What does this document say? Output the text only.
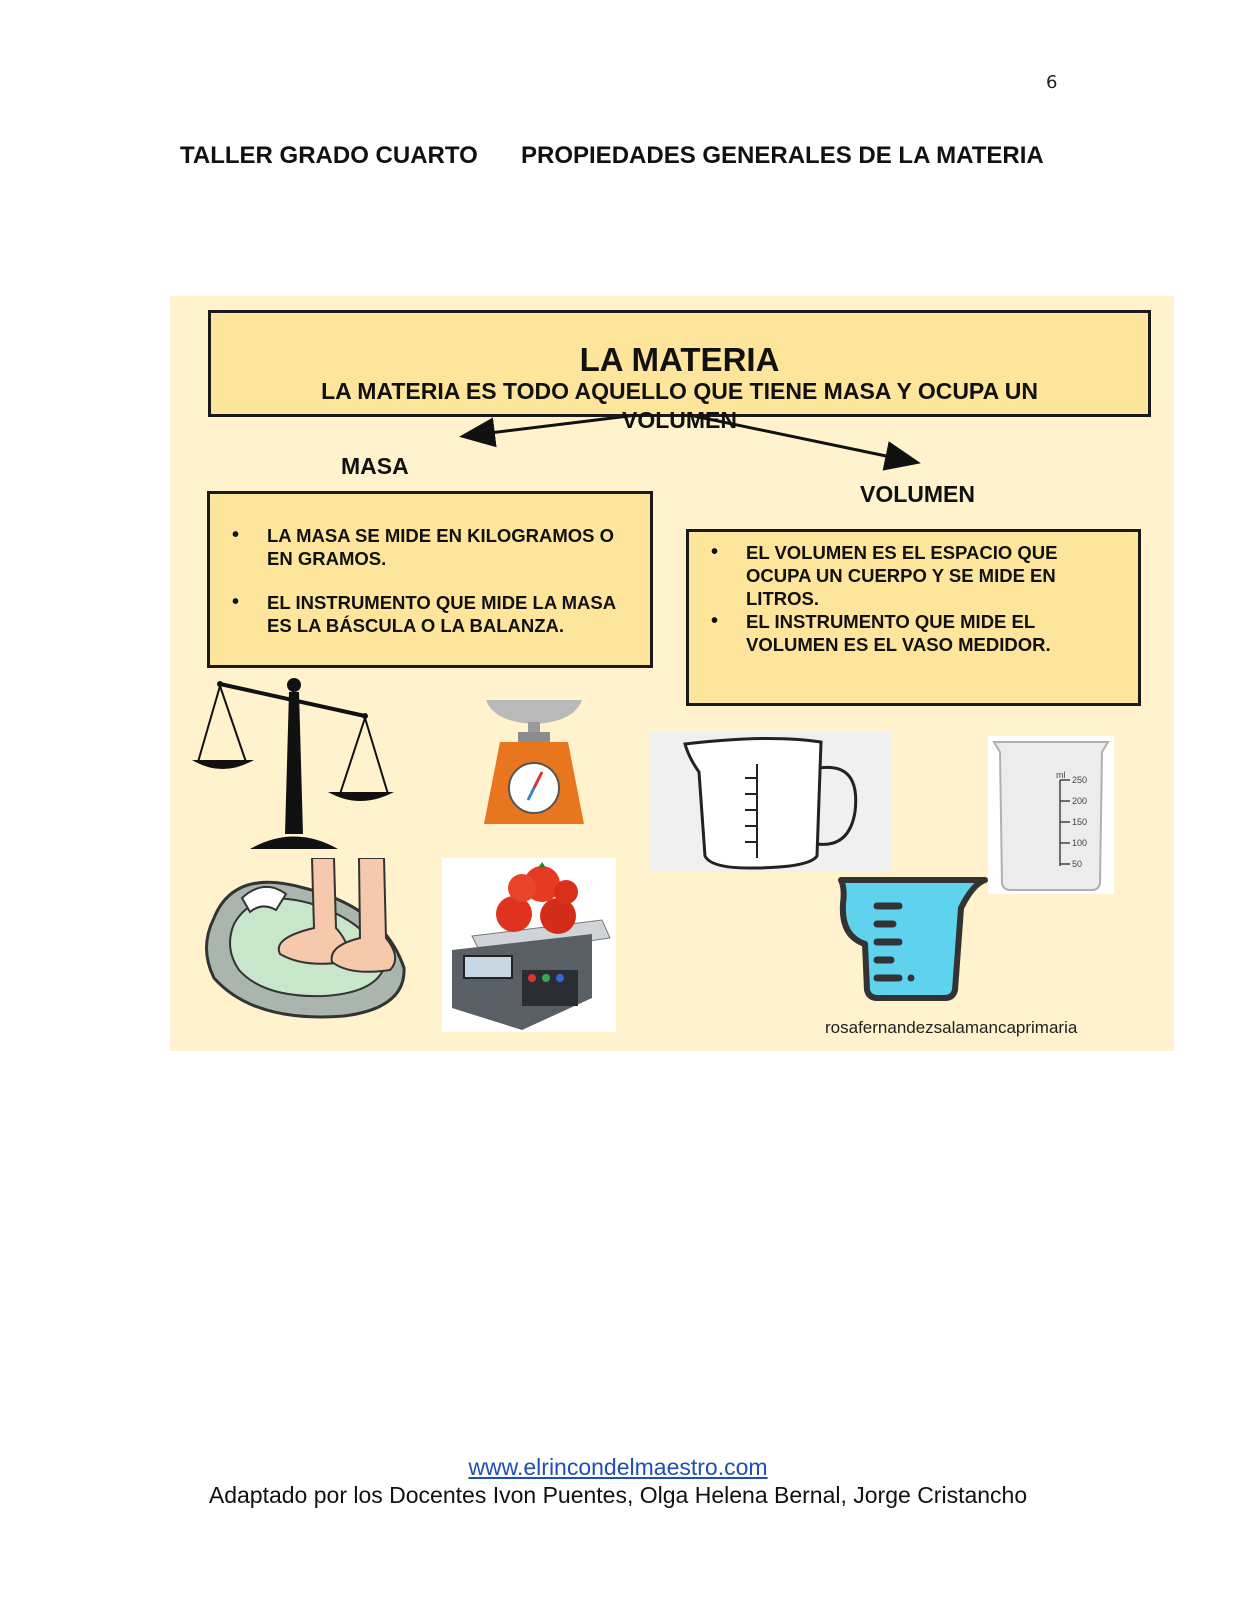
6
TALLER GRADO CUARTO PROPIEDADES GENERALES DE LA MATERIA
LA MATERIA
LA MATERIA ES TODO AQUELLO QUE TIENE MASA Y OCUPA UN VOLUMEN
MASA
VOLUMEN
• LA MASA SE MIDE EN KILOGRAMOS O EN GRAMOS.
• EL INSTRUMENTO QUE MIDE LA MASA ES LA BÁSCULA O LA BALANZA.
• EL VOLUMEN ES EL ESPACIO QUE OCUPA UN CUERPO Y SE MIDE EN LITROS.
• EL INSTRUMENTO QUE MIDE EL VOLUMEN ES EL VASO MEDIDOR.
ml 250
200
150
100
50
rosafernandezsalamancaprimaria
www.elrincondelmaestro.com
Adaptado por los Docentes Ivon Puentes, Olga Helena Bernal, Jorge Cristancho
